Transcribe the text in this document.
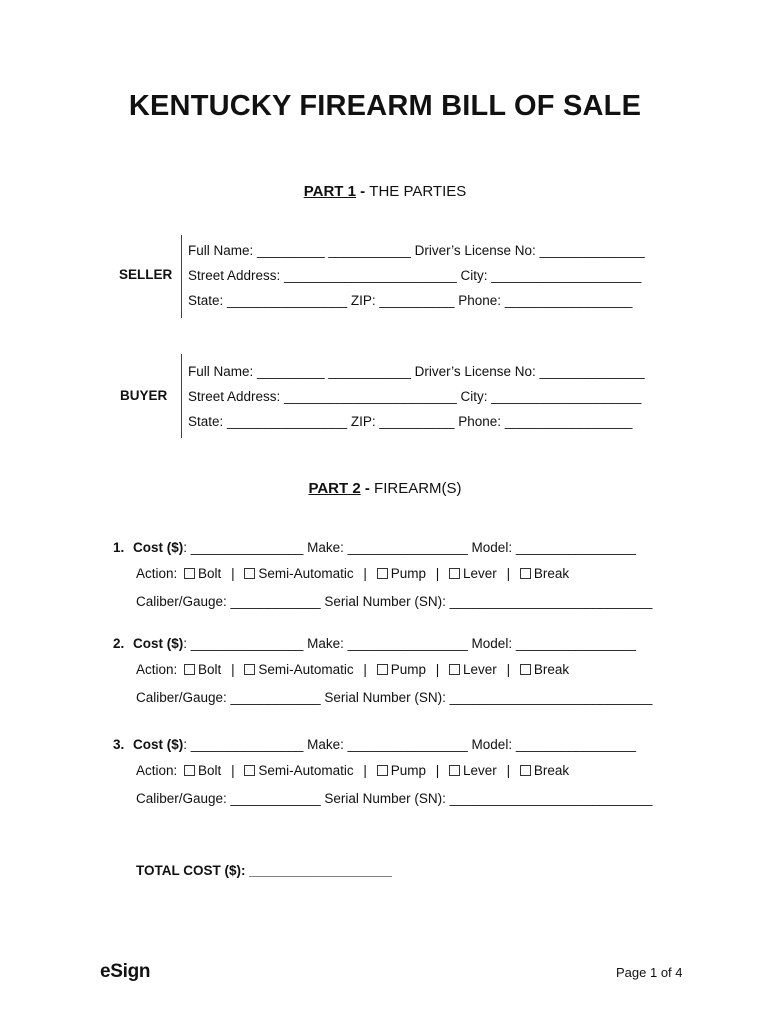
KENTUCKY FIREARM BILL OF SALE
PART 1 - THE PARTIES
SELLER
Full Name: _________ ___________ Driver’s License No: ______________
Street Address: _______________________ City: ____________________
State: ________________ ZIP: __________ Phone: _________________
BUYER
Full Name: _________ ___________ Driver’s License No: ______________
Street Address: _______________________ City: ____________________
State: ________________ ZIP: __________ Phone: _________________
PART 2 - FIREARM(S)
1. Cost ($): _______________ Make: ________________ Model: ________________
Action: Bolt | Semi-Automatic | Pump | Lever | Break
Caliber/Gauge: ____________ Serial Number (SN): ___________________________
2. Cost ($): _______________ Make: ________________ Model: ________________
Action: Bolt | Semi-Automatic | Pump | Lever | Break
Caliber/Gauge: ____________ Serial Number (SN): ___________________________
3. Cost ($): _______________ Make: ________________ Model: ________________
Action: Bolt | Semi-Automatic | Pump | Lever | Break
Caliber/Gauge: ____________ Serial Number (SN): ___________________________
TOTAL COST ($): ___________________
eSign	Page 1 of 4
